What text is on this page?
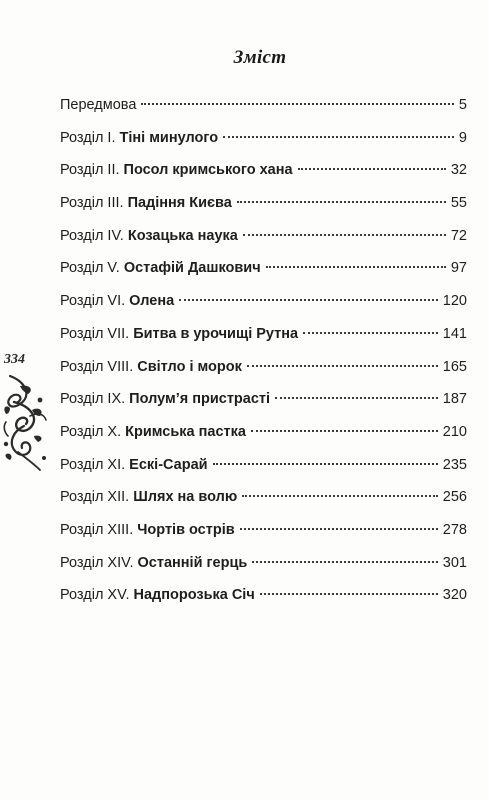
Зміст
334
Передмова	5
Розділ I. Тіні минулого	9
Розділ II. Посол кримського хана	32
Розділ III. Падіння Києва	55
Розділ IV. Козацька наука	72
Розділ V. Остафій Дашкович	97
Розділ VI. Олена	120
Розділ VII. Битва в урочищі Рутна	141
Розділ VIII. Світло і морок	165
Розділ IX. Полум’я пристрасті	187
Розділ X. Кримська пастка	210
Розділ XI. Ескі-Сарай	235
Розділ XII. Шлях на волю	256
Розділ XIII. Чортів острів	278
Розділ XIV. Останній герць	301
Розділ XV. Надпорозька Січ	320
